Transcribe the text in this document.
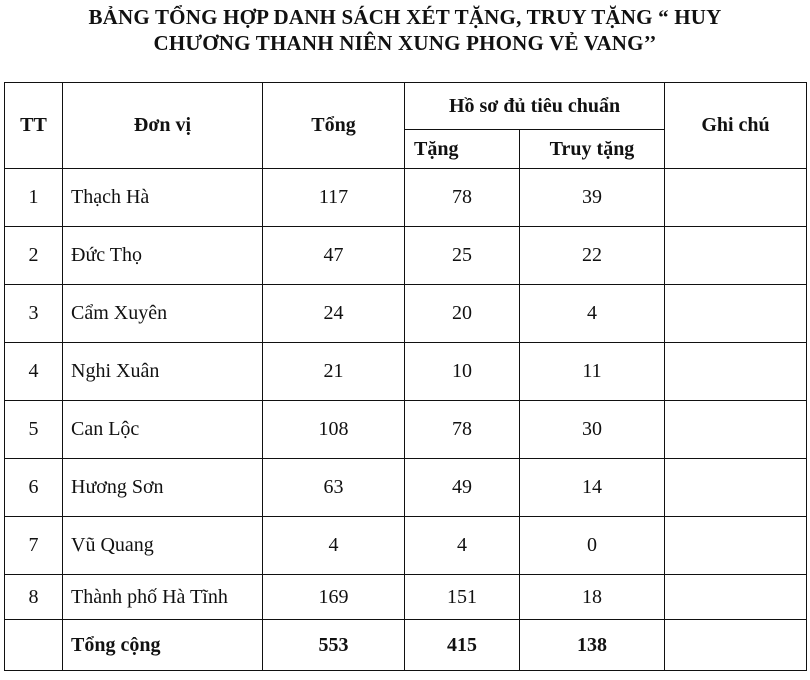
BẢNG TỔNG HỢP DANH SÁCH XÉT TẶNG, TRUY TẶNG “ HUY
CHƯƠNG THANH NIÊN XUNG PHONG VẺ VANG’’
TT	Đơn vị	Tổng	Hồ sơ đủ tiêu chuẩn		Ghi chú
			Tặng	Truy tặng	
1	Thạch Hà	117	78	39	
2	Đức Thọ	47	25	22	
3	Cẩm Xuyên	24	20	4	
4	Nghi Xuân	21	10	11	
5	Can Lộc	108	78	30	
6	Hương Sơn	63	49	14	
7	Vũ Quang	4	4	0	
8	Thành phố Hà Tĩnh	169	151	18	
	Tổng cộng	553	415	138	
